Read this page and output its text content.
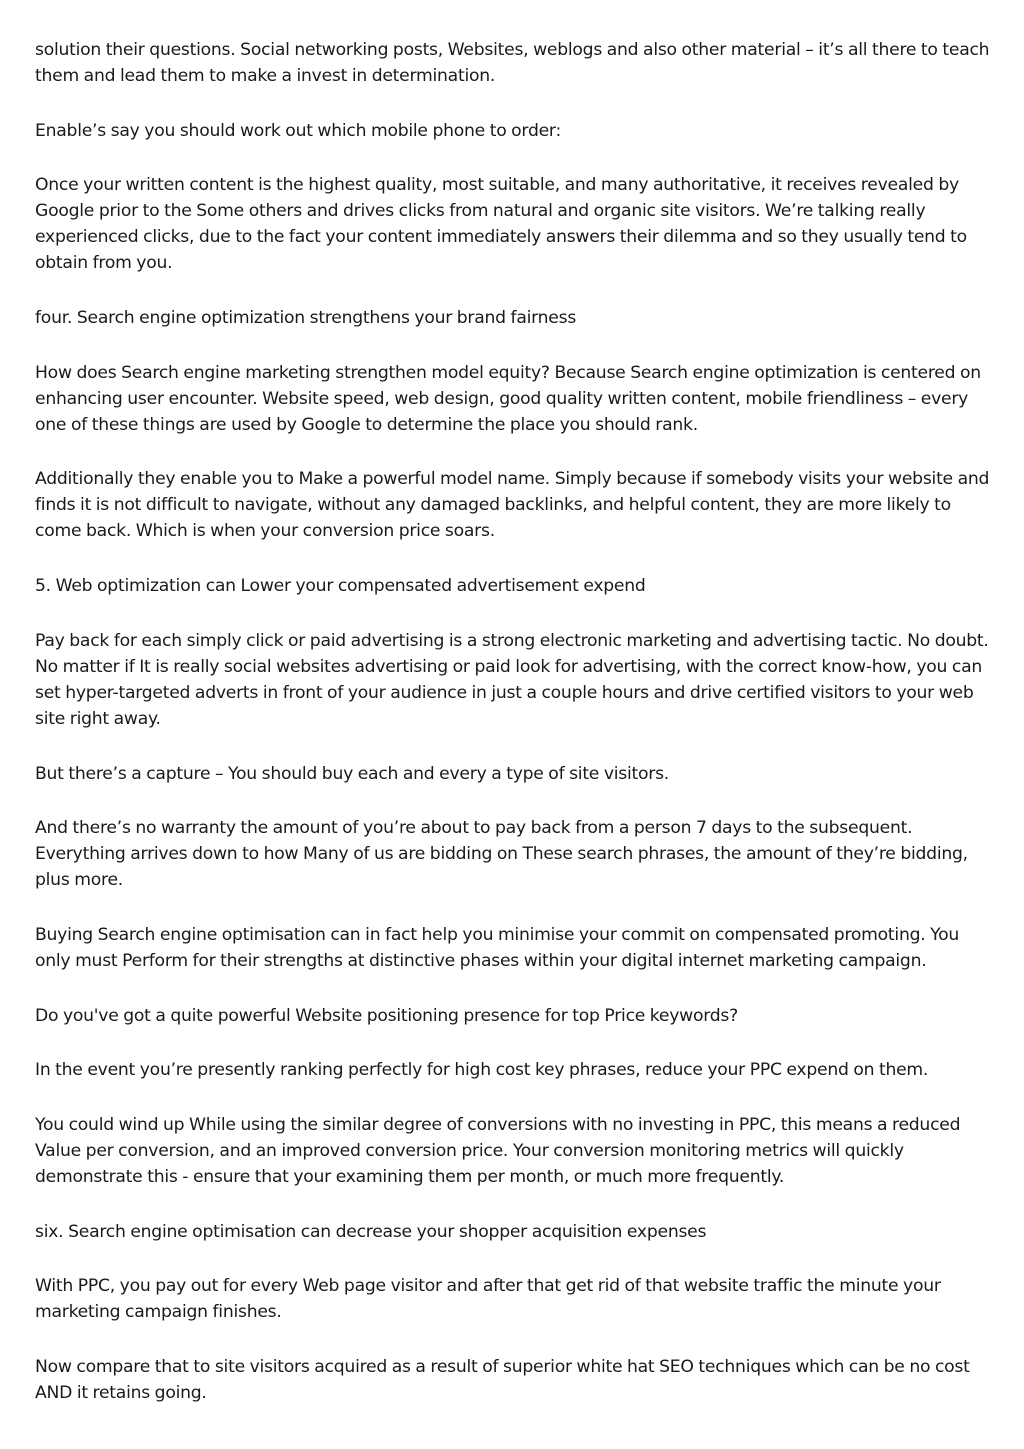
solution their questions. Social networking posts, Websites, weblogs and also other material – it’s all there to teach them and lead them to make a invest in determination.

Enable’s say you should work out which mobile phone to order:

Once your written content is the highest quality, most suitable, and many authoritative, it receives revealed by Google prior to the Some others and drives clicks from natural and organic site visitors. We’re talking really experienced clicks, due to the fact your content immediately answers their dilemma and so they usually tend to obtain from you.

four. Search engine optimization strengthens your brand fairness

How does Search engine marketing strengthen model equity? Because Search engine optimization is centered on enhancing user encounter. Website speed, web design, good quality written content, mobile friendliness – every one of these things are used by Google to determine the place you should rank.

Additionally they enable you to Make a powerful model name. Simply because if somebody visits your website and finds it is not difficult to navigate, without any damaged backlinks, and helpful content, they are more likely to come back. Which is when your conversion price soars.

5. Web optimization can Lower your compensated advertisement expend

Pay back for each simply click or paid advertising is a strong electronic marketing and advertising tactic. No doubt. No matter if It is really social websites advertising or paid look for advertising, with the correct know-how, you can set hyper-targeted adverts in front of your audience in just a couple hours and drive certified visitors to your web site right away.

But there’s a capture – You should buy each and every a type of site visitors.

And there’s no warranty the amount of you’re about to pay back from a person 7 days to the subsequent. Everything arrives down to how Many of us are bidding on These search phrases, the amount of they’re bidding, plus more.

Buying Search engine optimisation can in fact help you minimise your commit on compensated promoting. You only must Perform for their strengths at distinctive phases within your digital internet marketing campaign.

Do you've got a quite powerful Website positioning presence for top Price keywords?

In the event you’re presently ranking perfectly for high cost key phrases, reduce your PPC expend on them.

You could wind up While using the similar degree of conversions with no investing in PPC, this means a reduced Value per conversion, and an improved conversion price. Your conversion monitoring metrics will quickly demonstrate this - ensure that your examining them per month, or much more frequently.

six. Search engine optimisation can decrease your shopper acquisition expenses

With PPC, you pay out for every Web page visitor and after that get rid of that website traffic the minute your marketing campaign finishes.

Now compare that to site visitors acquired as a result of superior white hat SEO techniques which can be no cost AND it retains going.
